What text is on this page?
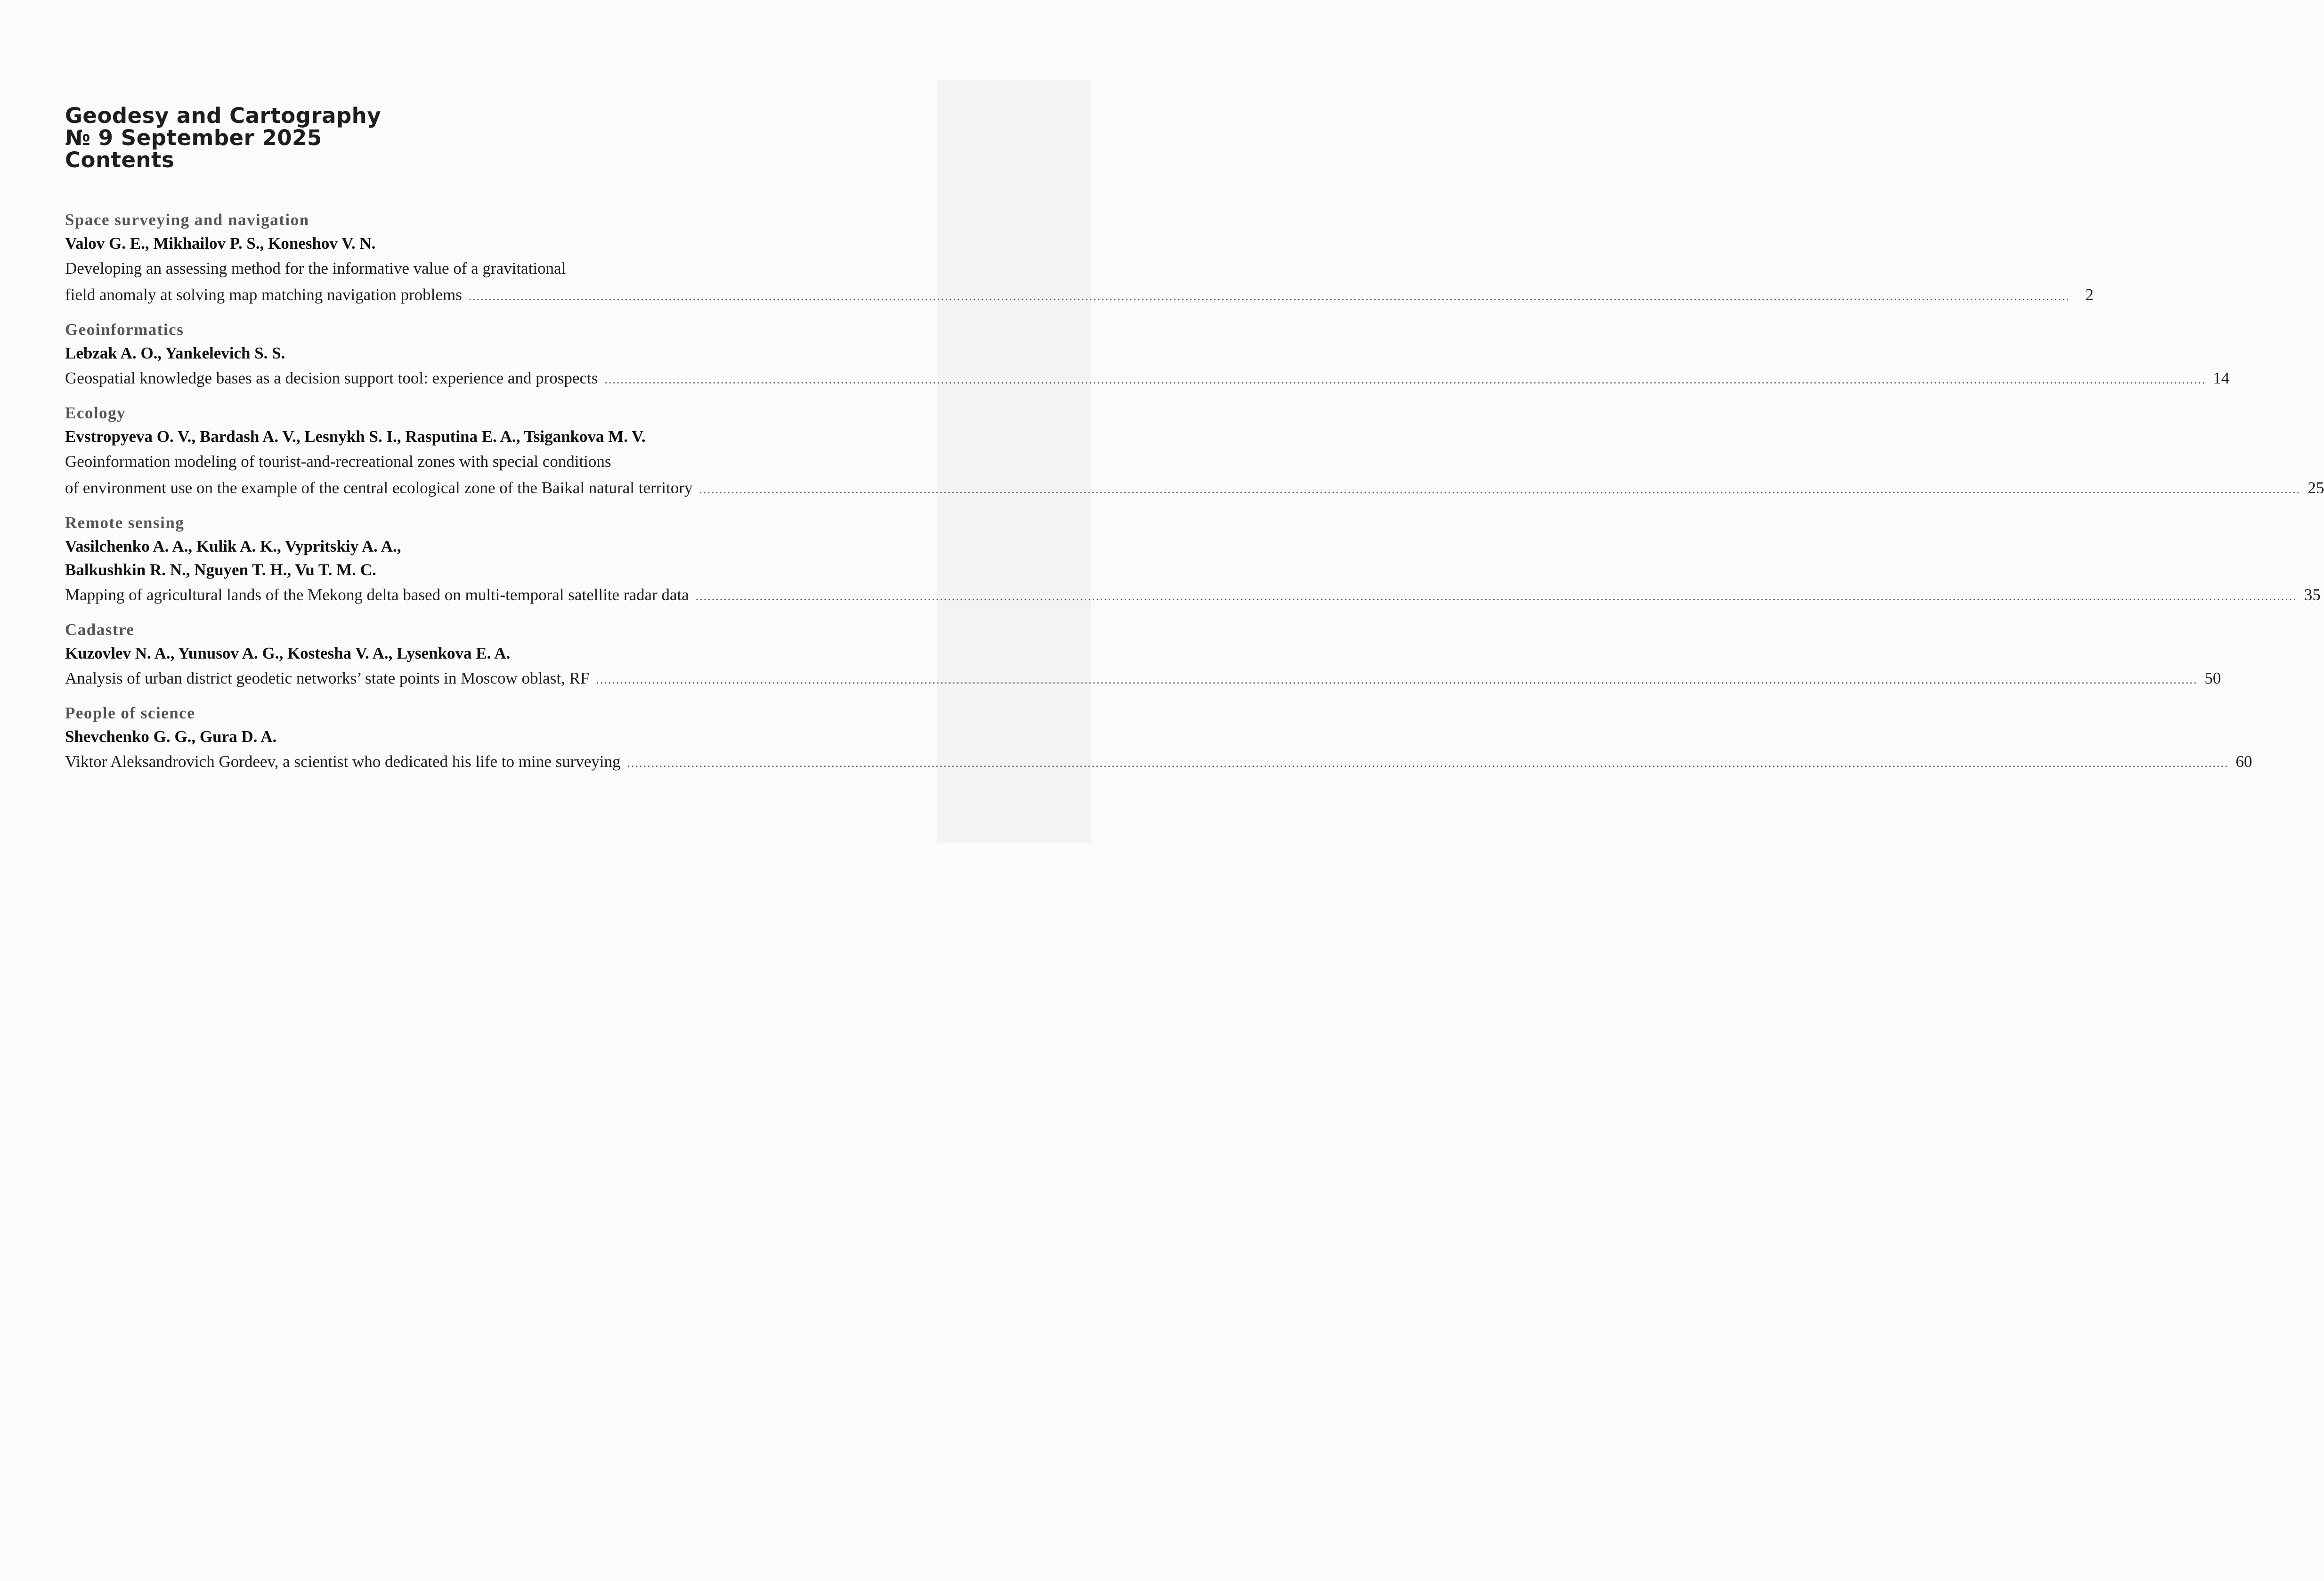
Geodesy and Cartography
№ 9 September 2025
Contents
Space surveying and navigation
Valov G. E., Mikhailov P. S., Koneshov V. N.
Developing an assessing method for the informative value of a gravitational
field anomaly at solving map matching navigation problems ................................................................................................................................................................................................................................................................................................................................................................................................................ 2
Geoinformatics
Lebzak A. O., Yankelevich S. S.
Geospatial knowledge bases as a decision support tool: experience and prospects ................................................................................................................................................................................................................................................................................................................................................................................................................ 14
Ecology
Evstropyeva O. V., Bardash A. V., Lesnykh S. I., Rasputina E. A., Tsigankova M. V.
Geoinformation modeling of tourist-and-recreational zones with special conditions
of environment use on the example of the central ecological zone of the Baikal natural territory ................................................................................................................................................................................................................................................................................................................................................................................................................ 25
Remote sensing
Vasilchenko A. A., Kulik A. K., Vypritskiy A. A.,
Balkushkin R. N., Nguyen T. H., Vu T. M. C.
Mapping of agricultural lands of the Mekong delta based on multi-temporal satellite radar data ................................................................................................................................................................................................................................................................................................................................................................................................................ 35
Cadastre
Kuzovlev N. A., Yunusov A. G., Kostesha V. A., Lysenkova E. A.
Analysis of urban district geodetic networks’ state points in Moscow oblast, RF ................................................................................................................................................................................................................................................................................................................................................................................................................ 50
People of science
Shevchenko G. G., Gura D. A.
Viktor Aleksandrovich Gordeev, a scientist who dedicated his life to mine surveying ................................................................................................................................................................................................................................................................................................................................................................................................................ 60
